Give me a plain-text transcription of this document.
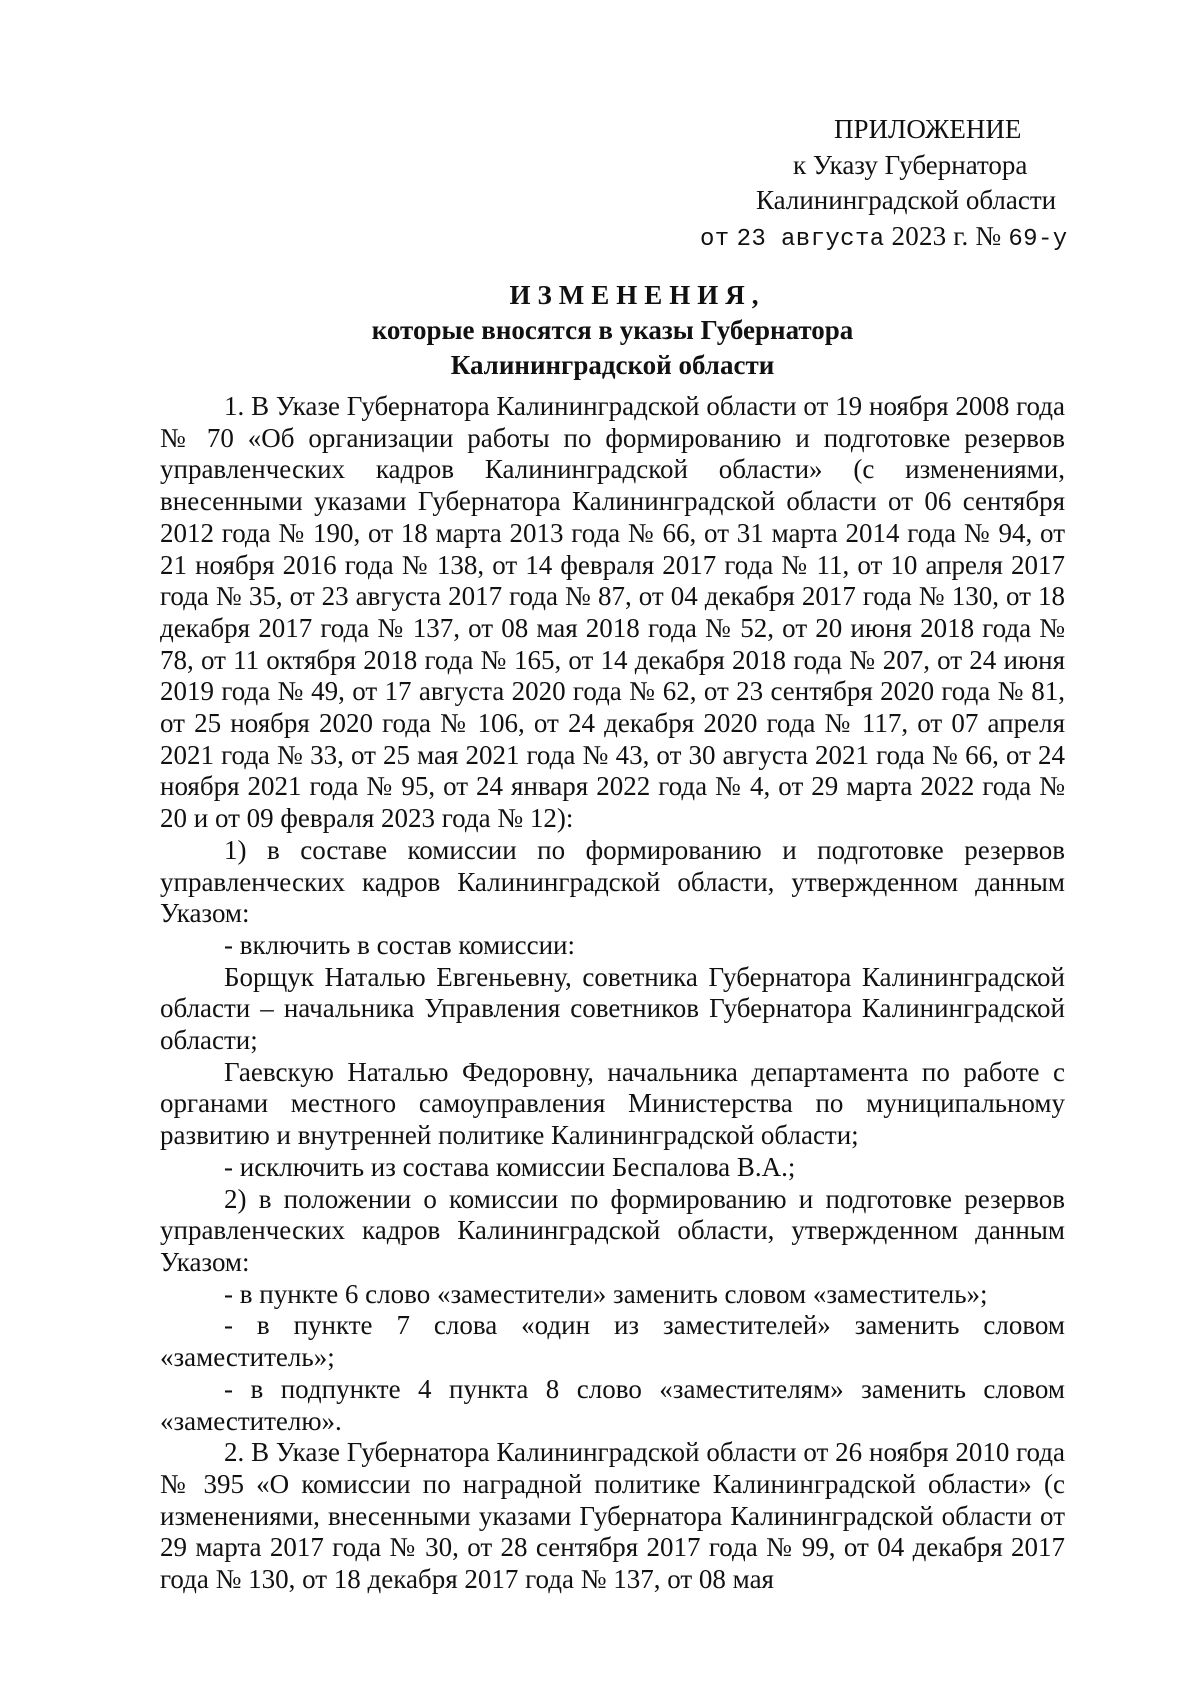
ПРИЛОЖЕНИЕ
к Указу Губернатора
Калининградской области
от 23 августа 2023 г. № 69-у
ИЗМЕНЕНИЯ,
которые вносятся в указы Губернатора
Калининградской области

1. В Указе Губернатора Калининградской области от 19 ноября 2008 года № 70 «Об организации работы по формированию и подготовке резервов управленческих кадров Калининградской области» (с изменениями, внесенными указами Губернатора Калининградской области от 06 сентября 2012 года № 190, от 18 марта 2013 года № 66, от 31 марта 2014 года № 94, от 21 ноября 2016 года № 138, от 14 февраля 2017 года № 11, от 10 апреля 2017 года № 35, от 23 августа 2017 года № 87, от 04 декабря 2017 года № 130, от 18 декабря 2017 года № 137, от 08 мая 2018 года № 52, от 20 июня 2018 года № 78, от 11 октября 2018 года № 165, от 14 декабря 2018 года № 207, от 24 июня 2019 года № 49, от 17 августа 2020 года № 62, от 23 сентября 2020 года № 81, от 25 ноября 2020 года № 106, от 24 декабря 2020 года № 117, от 07 апреля 2021 года № 33, от 25 мая 2021 года № 43, от 30 августа 2021 года № 66, от 24 ноября 2021 года № 95, от 24 января 2022 года № 4, от 29 марта 2022 года № 20 и от 09 февраля 2023 года № 12):

1) в составе комиссии по формированию и подготовке резервов управленческих кадров Калининградской области, утвержденном данным Указом:

- включить в состав комиссии:

Борщук Наталью Евгеньевну, советника Губернатора Калининградской области – начальника Управления советников Губернатора Калининградской области;

Гаевскую Наталью Федоровну, начальника департамента по работе с органами местного самоуправления Министерства по муниципальному развитию и внутренней политике Калининградской области;

- исключить из состава комиссии Беспалова В.А.;

2) в положении о комиссии по формированию и подготовке резервов управленческих кадров Калининградской области, утвержденном данным Указом:

- в пункте 6 слово «заместители» заменить словом «заместитель»;

- в пункте 7 слова «один из заместителей» заменить словом «заместитель»;

- в подпункте 4 пункта 8 слово «заместителям» заменить словом «заместителю».

2. В Указе Губернатора Калининградской области от 26 ноября 2010 года № 395 «О комиссии по наградной политике Калининградской области» (с изменениями, внесенными указами Губернатора Калининградской области от 29 марта 2017 года № 30, от 28 сентября 2017 года № 99, от 04 декабря 2017 года № 130, от 18 декабря 2017 года № 137, от 08 мая
